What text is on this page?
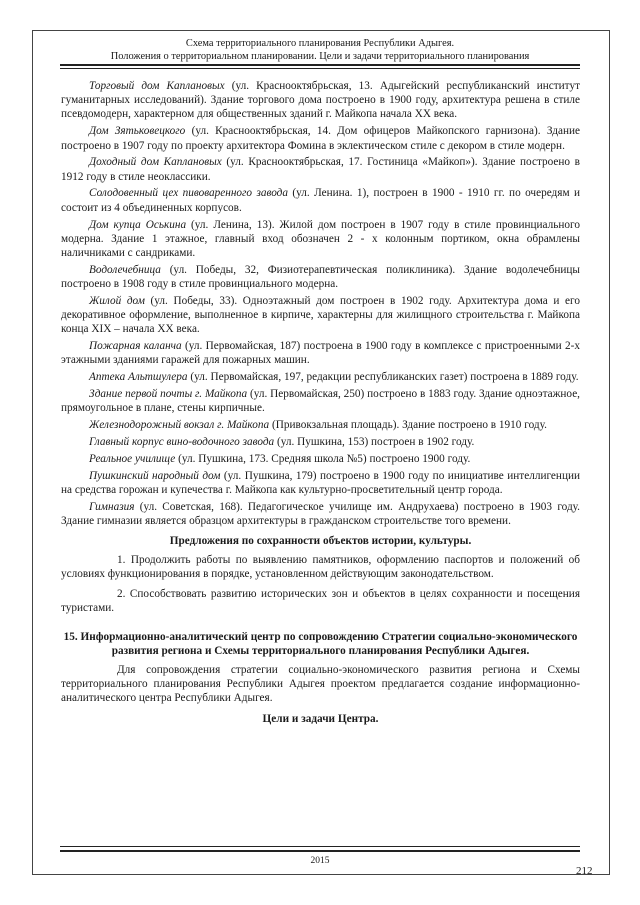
Схема территориального планирования Республики Адыгея.
Положения о территориальном планировании. Цели и задачи территориального планирования

Торговый дом Каплановых (ул. Краснооктябрьская, 13. Адыгейский республиканский институт гуманитарных исследований). Здание торгового дома построено в 1900 году, архитектура решена в стиле псевдомодерн, характерном для общественных зданий г. Майкопа начала XX века.

Дом Зятьковецкого (ул. Краснооктябрьская, 14. Дом офицеров Майкопского гарнизона). Здание построено в 1907 году по проекту архитектора Фомина в эклектическом стиле с декором в стиле модерн.

Доходный дом Каплановых (ул. Краснооктябрьская, 17. Гостиница «Майкоп»). Здание построено в 1912 году в стиле неоклассики.

Солодовенный цех пивоваренного завода (ул. Ленина. 1), построен в 1900 - 1910 гг. по очередям и состоит из 4 объединенных корпусов.

Дом купца Оськина (ул. Ленина, 13). Жилой дом построен в 1907 году в стиле провинциального модерна. Здание 1 этажное, главный вход обозначен 2 - х колонным портиком, окна обрамлены наличниками с сандриками.

Водолечебница (ул. Победы, 32, Физиотерапевтическая поликлиника). Здание водолечебницы построено в 1908 году в стиле провинциального модерна.

Жилой дом (ул. Победы, 33). Одноэтажный дом построен в 1902 году. Архитектура дома и его декоративное оформление, выполненное в кирпиче, характерны для жилищного строительства г. Майкопа конца XIX – начала XX века.

Пожарная каланча (ул. Первомайская, 187) построена в 1900 году в комплексе с пристроенными 2-х этажными зданиями гаражей для пожарных машин.

Аптека Альтшулера (ул. Первомайская, 197, редакции республиканских газет) построена в 1889 году.

Здание первой почты г. Майкопа (ул. Первомайская, 250) построено в 1883 году. Здание одноэтажное, прямоугольное в плане, стены кирпичные.

Железнодорожный вокзал г. Майкопа (Привокзальная площадь). Здание построено в 1910 году.

Главный корпус вино-водочного завода (ул. Пушкина, 153) построен в 1902 году.

Реальное училище (ул. Пушкина, 173. Средняя школа №5) построено 1900 году.

Пушкинский народный дом (ул. Пушкина, 179) построено в 1900 году по инициативе интеллигенции на средства горожан и купечества г. Майкопа как культурно-просветительный центр города.

Гимназия (ул. Советская, 168). Педагогическое училище им. Андрухаева) построено в 1903 году. Здание гимназии является образцом архитектуры в гражданском строительстве того времени.

Предложения по сохранности объектов истории, культуры.

1. Продолжить работы по выявлению памятников, оформлению паспортов и положений об условиях функционирования в порядке, установленном действующим законодательством.

2. Способствовать развитию исторических зон и объектов в целях сохранности и посещения туристами.

15. Информационно-аналитический центр по сопровождению Стратегии социально-экономического развития региона и Схемы территориального планирования Республики Адыгея.

Для сопровождения стратегии социально-экономического развития региона и Схемы территориального планирования Республики Адыгея проектом предлагается создание информационно-аналитического центра Республики Адыгея.

Цели и задачи Центра.
2015
212
